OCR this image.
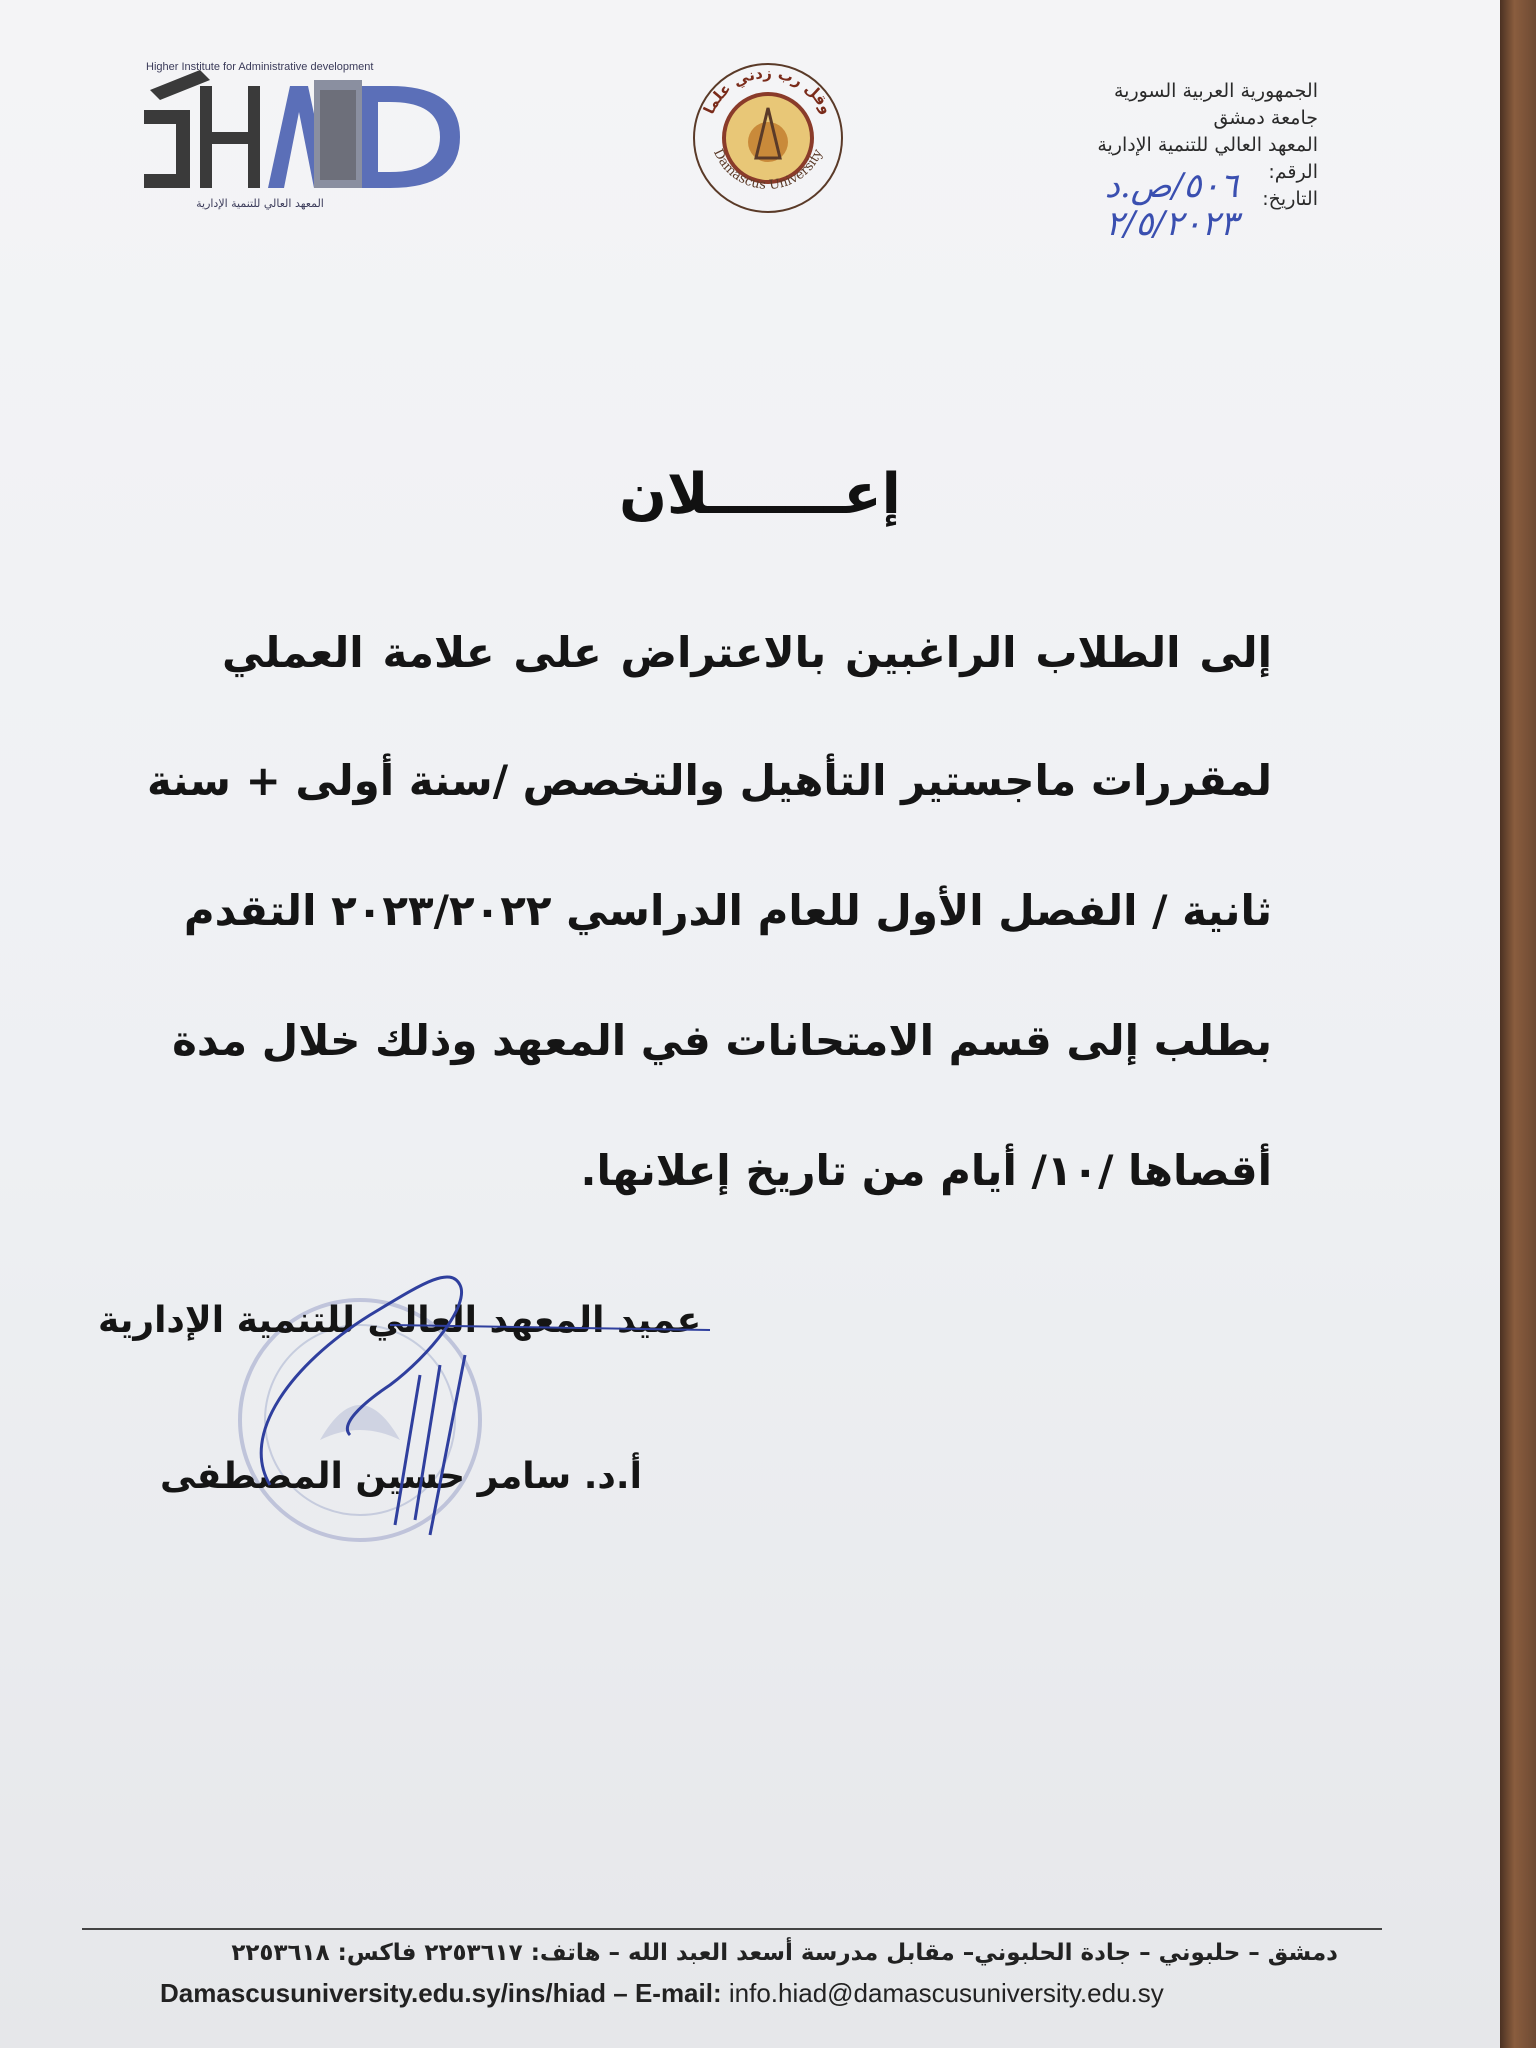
Higher Institute for Administrative development
المعهد العالي للتنمية الإدارية
وقل رب زدني علما
Damascus University
الجمهورية العربية السورية
جامعة دمشق
المعهد العالي للتنمية الإدارية
الرقم:
التاريخ:
٥٠٦/ص.د
٢/٥/٢٠٢٣
إعـــــــلان
إلى الطلاب الراغبين بالاعتراض على علامة العملي
لمقررات ماجستير التأهيل والتخصص /سنة أولى + سنة
ثانية / الفصل الأول للعام الدراسي ٢٠٢٣/٢٠٢٢ التقدم
بطلب إلى قسم الامتحانات في المعهد وذلك خلال مدة
أقصاها /١٠/ أيام من تاريخ إعلانها.
عميد المعهد العالي للتنمية الإدارية
أ.د. سامر حسين المصطفى
دمشق – حلبوني – جادة الحلبوني– مقابل مدرسة أسعد العبد الله – هاتف: ٢٢٥٣٦١٧ فاكس: ٢٢٥٣٦١٨
Damascusuniversity.edu.sy/ins/hiad – E-mail: info.hiad@damascusuniversity.edu.sy
